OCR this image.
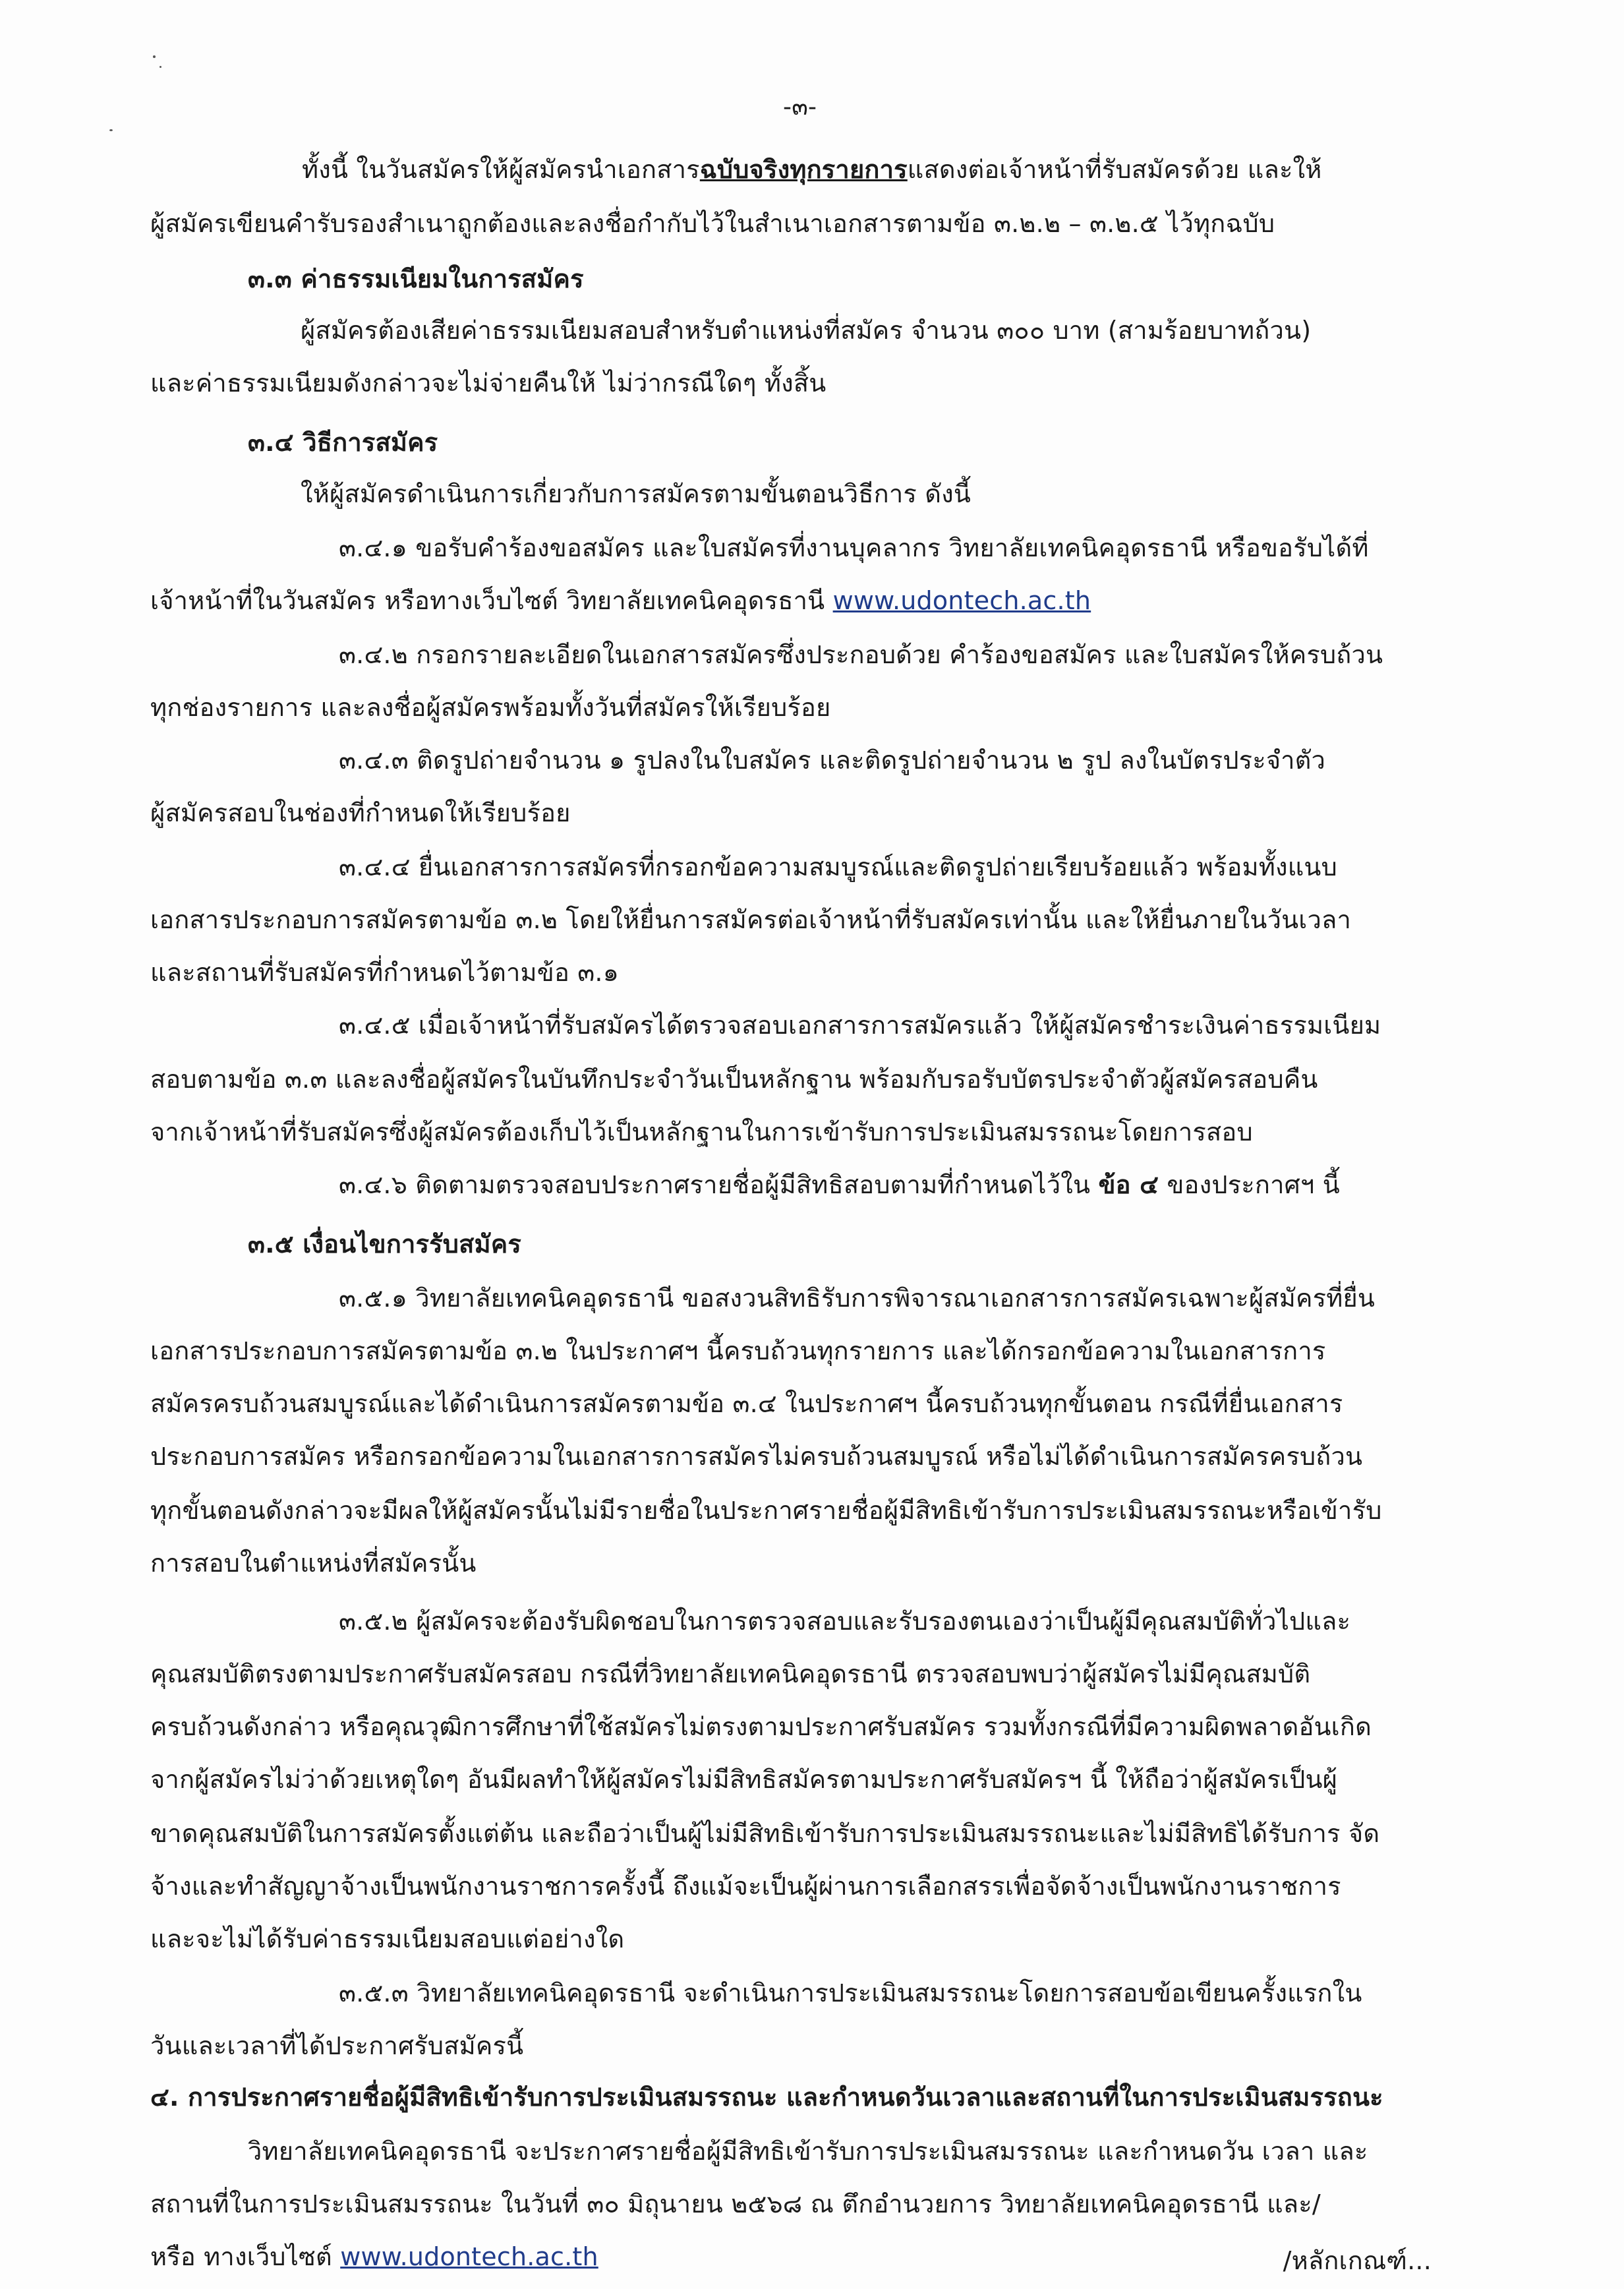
-๓-
ทั้งนี้ ในวันสมัครให้ผู้สมัครนำเอกสารฉบับจริงทุกรายการแสดงต่อเจ้าหน้าที่รับสมัครด้วย และให้
ผู้สมัครเขียนคำรับรองสำเนาถูกต้องและลงชื่อกำกับไว้ในสำเนาเอกสารตามข้อ ๓.๒.๒ – ๓.๒.๕ ไว้ทุกฉบับ
๓.๓ ค่าธรรมเนียมในการสมัคร
ผู้สมัครต้องเสียค่าธรรมเนียมสอบสำหรับตำแหน่งที่สมัคร จำนวน ๓๐๐ บาท (สามร้อยบาทถ้วน)
และค่าธรรมเนียมดังกล่าวจะไม่จ่ายคืนให้ ไม่ว่ากรณีใดๆ ทั้งสิ้น
๓.๔ วิธีการสมัคร
ให้ผู้สมัครดำเนินการเกี่ยวกับการสมัครตามขั้นตอนวิธีการ ดังนี้
๓.๔.๑ ขอรับคำร้องขอสมัคร และใบสมัครที่งานบุคลากร วิทยาลัยเทคนิคอุดรธานี หรือขอรับได้ที่
เจ้าหน้าที่ในวันสมัคร หรือทางเว็บไซต์ วิทยาลัยเทคนิคอุดรธานี www.udontech.ac.th
๓.๔.๒ กรอกรายละเอียดในเอกสารสมัครซึ่งประกอบด้วย คำร้องขอสมัคร และใบสมัครให้ครบถ้วน
ทุกช่องรายการ และลงชื่อผู้สมัครพร้อมทั้งวันที่สมัครให้เรียบร้อย
๓.๔.๓ ติดรูปถ่ายจำนวน ๑ รูปลงในใบสมัคร และติดรูปถ่ายจำนวน ๒ รูป ลงในบัตรประจำตัว
ผู้สมัครสอบในช่องที่กำหนดให้เรียบร้อย
๓.๔.๔ ยื่นเอกสารการสมัครที่กรอกข้อความสมบูรณ์และติดรูปถ่ายเรียบร้อยแล้ว พร้อมทั้งแนบ
เอกสารประกอบการสมัครตามข้อ ๓.๒ โดยให้ยื่นการสมัครต่อเจ้าหน้าที่รับสมัครเท่านั้น และให้ยื่นภายในวันเวลา
และสถานที่รับสมัครที่กำหนดไว้ตามข้อ ๓.๑
๓.๔.๕ เมื่อเจ้าหน้าที่รับสมัครได้ตรวจสอบเอกสารการสมัครแล้ว ให้ผู้สมัครชำระเงินค่าธรรมเนียม
สอบตามข้อ ๓.๓ และลงชื่อผู้สมัครในบันทึกประจำวันเป็นหลักฐาน พร้อมกับรอรับบัตรประจำตัวผู้สมัครสอบคืน
จากเจ้าหน้าที่รับสมัครซึ่งผู้สมัครต้องเก็บไว้เป็นหลักฐานในการเข้ารับการประเมินสมรรถนะโดยการสอบ
๓.๔.๖ ติดตามตรวจสอบประกาศรายชื่อผู้มีสิทธิสอบตามที่กำหนดไว้ใน ข้อ ๔ ของประกาศฯ นี้
๓.๕ เงื่อนไขการรับสมัคร
๓.๕.๑ วิทยาลัยเทคนิคอุดรธานี ขอสงวนสิทธิรับการพิจารณาเอกสารการสมัครเฉพาะผู้สมัครที่ยื่น
เอกสารประกอบการสมัครตามข้อ ๓.๒ ในประกาศฯ นี้ครบถ้วนทุกรายการ และได้กรอกข้อความในเอกสารการ
สมัครครบถ้วนสมบูรณ์และได้ดำเนินการสมัครตามข้อ ๓.๔ ในประกาศฯ นี้ครบถ้วนทุกขั้นตอน กรณีที่ยื่นเอกสาร
ประกอบการสมัคร หรือกรอกข้อความในเอกสารการสมัครไม่ครบถ้วนสมบูรณ์ หรือไม่ได้ดำเนินการสมัครครบถ้วน
ทุกขั้นตอนดังกล่าวจะมีผลให้ผู้สมัครนั้นไม่มีรายชื่อในประกาศรายชื่อผู้มีสิทธิเข้ารับการประเมินสมรรถนะหรือเข้ารับ
การสอบในตำแหน่งที่สมัครนั้น
๓.๕.๒ ผู้สมัครจะต้องรับผิดชอบในการตรวจสอบและรับรองตนเองว่าเป็นผู้มีคุณสมบัติทั่วไปและ
คุณสมบัติตรงตามประกาศรับสมัครสอบ กรณีที่วิทยาลัยเทคนิคอุดรธานี ตรวจสอบพบว่าผู้สมัครไม่มีคุณสมบัติ
ครบถ้วนดังกล่าว หรือคุณวุฒิการศึกษาที่ใช้สมัครไม่ตรงตามประกาศรับสมัคร รวมทั้งกรณีที่มีความผิดพลาดอันเกิด
จากผู้สมัครไม่ว่าด้วยเหตุใดๆ อันมีผลทำให้ผู้สมัครไม่มีสิทธิสมัครตามประกาศรับสมัครฯ นี้ ให้ถือว่าผู้สมัครเป็นผู้
ขาดคุณสมบัติในการสมัครตั้งแต่ต้น และถือว่าเป็นผู้ไม่มีสิทธิเข้ารับการประเมินสมรรถนะและไม่มีสิทธิได้รับการ จัด
จ้างและทำสัญญาจ้างเป็นพนักงานราชการครั้งนี้ ถึงแม้จะเป็นผู้ผ่านการเลือกสรรเพื่อจัดจ้างเป็นพนักงานราชการ
และจะไม่ได้รับค่าธรรมเนียมสอบแต่อย่างใด
๓.๕.๓ วิทยาลัยเทคนิคอุดรธานี จะดำเนินการประเมินสมรรถนะโดยการสอบข้อเขียนครั้งแรกใน
วันและเวลาที่ได้ประกาศรับสมัครนี้
๔. การประกาศรายชื่อผู้มีสิทธิเข้ารับการประเมินสมรรถนะ และกำหนดวันเวลาและสถานที่ในการประเมินสมรรถนะ
วิทยาลัยเทคนิคอุดรธานี จะประกาศรายชื่อผู้มีสิทธิเข้ารับการประเมินสมรรถนะ และกำหนดวัน เวลา และ
สถานที่ในการประเมินสมรรถนะ ในวันที่ ๓๐ มิถุนายน ๒๕๖๘ ณ ตึกอำนวยการ วิทยาลัยเทคนิคอุดรธานี และ/
หรือ ทางเว็บไซต์ www.udontech.ac.th	/หลักเกณฑ์...
